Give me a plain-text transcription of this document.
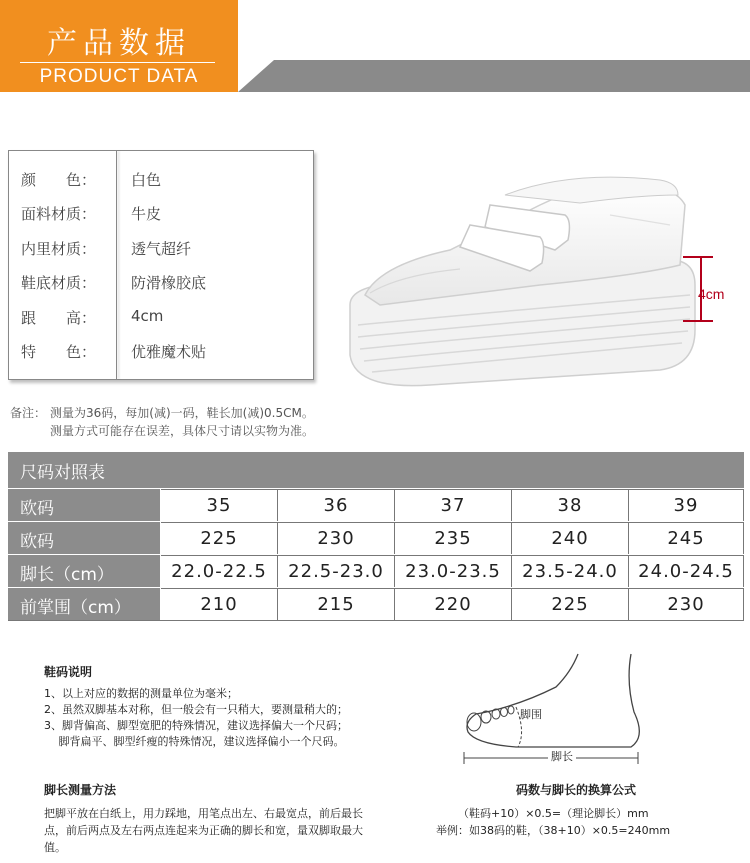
产品数据
PRODUCT DATA
颜　　色：	白色
面料材质：	牛皮
内里材质：	透气超纤
鞋底材质：	防滑橡胶底
跟　　高：	4cm
特　　色：	优雅魔术贴
4cm
备注： 测量为36码，每加(减)一码，鞋长加(减)0.5CM。
测量方式可能存在误差，具体尺寸请以实物为准。
尺码对照表
欧码	35	36	37	38	39
欧码	225	230	235	240	245
脚长（cm）	22.0-22.5	22.5-23.0	23.0-23.5	23.5-24.0	24.0-24.5
前掌围（cm）	210	215	220	225	230
鞋码说明
1、以上对应的数据的测量单位为毫米；
2、虽然双脚基本对称，但一般会有一只稍大，要测量稍大的；
3、脚背偏高、脚型宽肥的特殊情况，建议选择偏大一个尺码；
　 脚背扁平、脚型纤瘦的特殊情况，建议选择偏小一个尺码。
脚围
脚长
脚长测量方法
把脚平放在白纸上，用力踩地，用笔点出左、右最宽点，前后最长点，前后两点及左右两点连起来为正确的脚长和宽，量双脚取最大值。
码数与脚长的换算公式
（鞋码+10）×0.5=（理论脚长）mm
举例：如38码的鞋，（38+10）×0.5=240mm
